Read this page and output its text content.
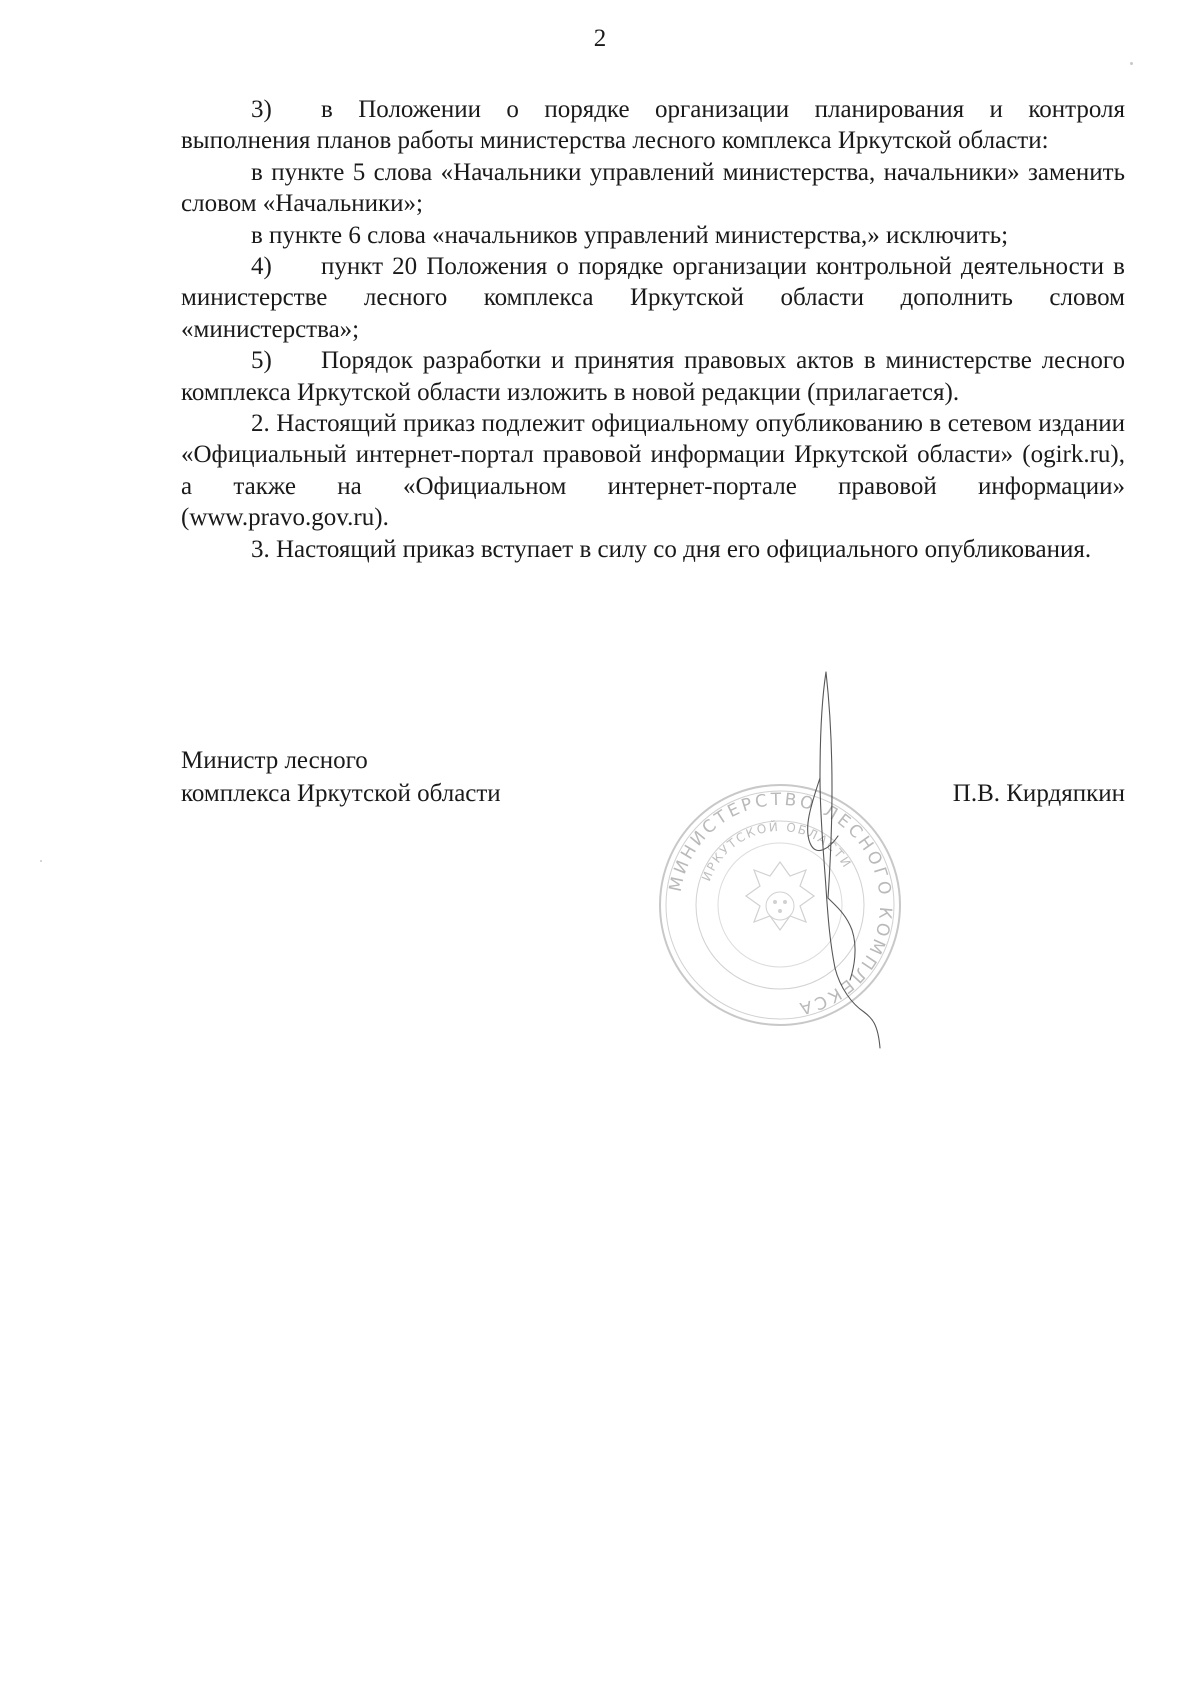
2

3) в Положении о порядке организации планирования и контроля выполнения планов работы министерства лесного комплекса Иркутской области:

в пункте 5 слова «Начальники управлений министерства, начальники» заменить словом «Начальники»;

в пункте 6 слова «начальников управлений министерства,» исключить;

4) пункт 20 Положения о порядке организации контрольной деятельности в министерстве лесного комплекса Иркутской области дополнить словом «министерства»;

5) Порядок разработки и принятия правовых актов в министерстве лесного комплекса Иркутской области изложить в новой редакции (прилагается).

2. Настоящий приказ подлежит официальному опубликованию в сетевом издании «Официальный интернет-портал правовой информации Иркутской области» (ogirk.ru), а также на «Официальном интернет-портале правовой информации» (www.pravo.gov.ru).

3. Настоящий приказ вступает в силу со дня его официального опубликования.

Министр лесного
комплекса Иркутской области	П.В. Кирдяпкин
МИНИСТЕРСТВО ЛЕСНОГО КОМПЛЕКСА
ИРКУТСКОЙ ОБЛАСТИ
